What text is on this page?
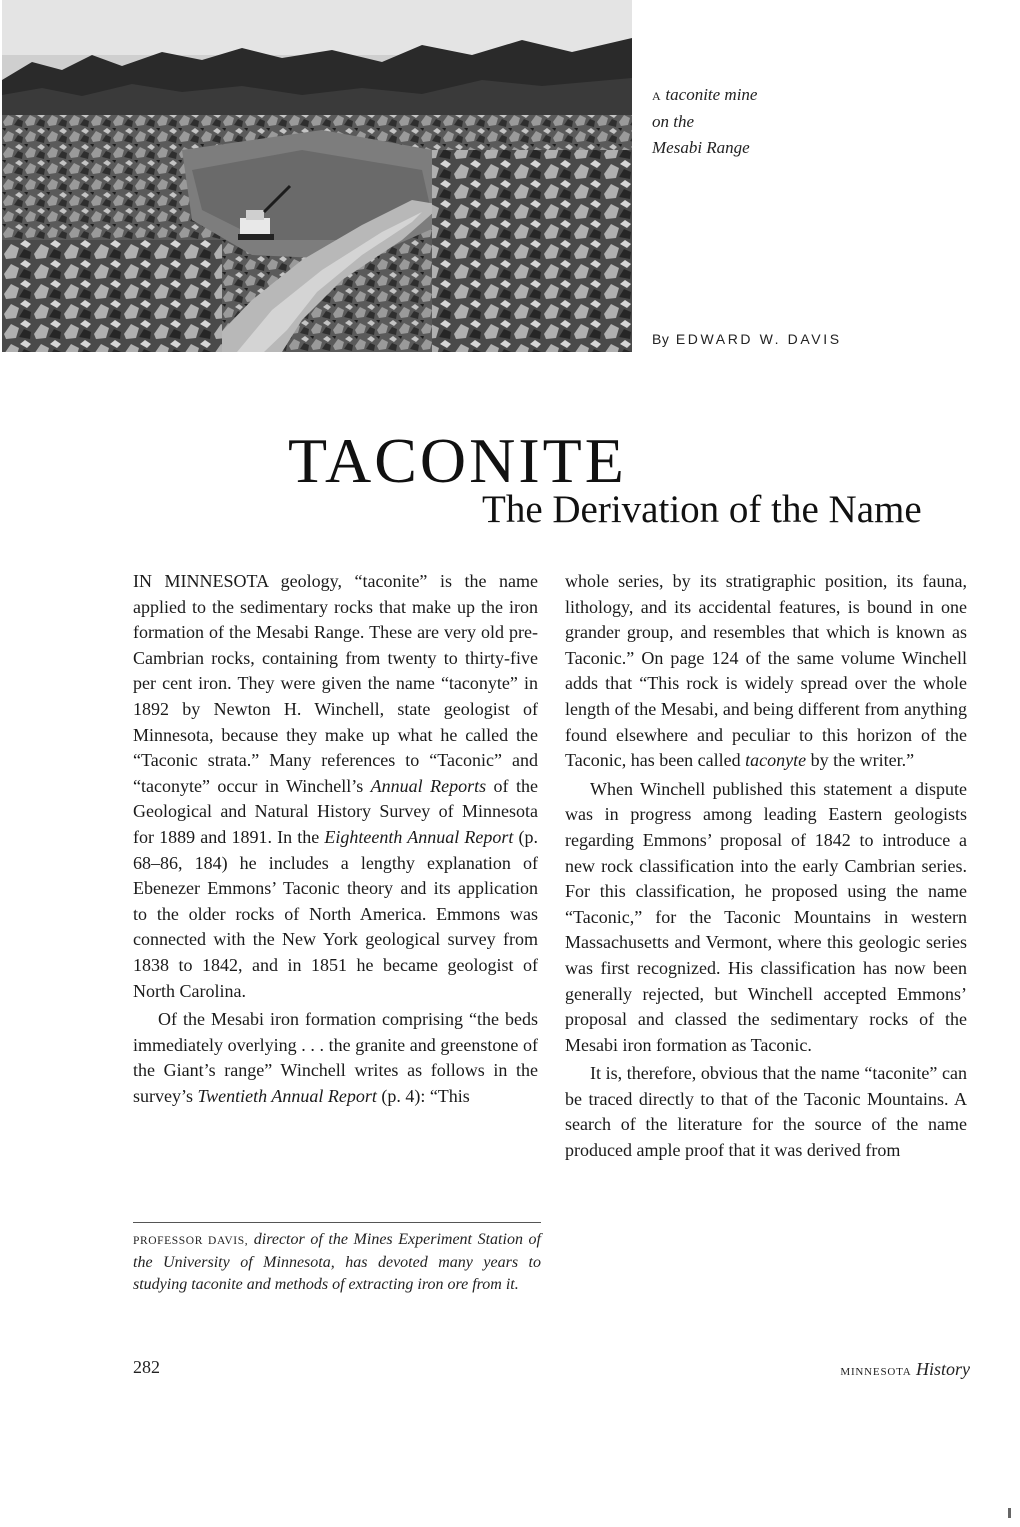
A taconite mine
on the
Mesabi Range
By EDWARD W. DAVIS
TACONITE
The Derivation of the Name

IN MINNESOTA geology, “taconite” is the name applied to the sedimentary rocks that make up the iron formation of the Mesabi Range. These are very old pre-Cambrian rocks, containing from twenty to thirty-five per cent iron. They were given the name “taconyte” in 1892 by Newton H. Winchell, state geologist of Minnesota, because they make up what he called the “Taconic strata.” Many references to “Taconic” and “taconyte” occur in Winchell’s Annual Reports of the Geological and Natural History Survey of Minnesota for 1889 and 1891. In the Eighteenth Annual Report (p. 68–86, 184) he includes a lengthy explanation of Ebenezer Emmons’ Taconic theory and its application to the older rocks of North America. Emmons was connected with the New York geological survey from 1838 to 1842, and in 1851 he became geologist of North Carolina.

Of the Mesabi iron formation comprising “the beds immediately overlying . . . the granite and greenstone of the Giant’s range” Winchell writes as follows in the survey’s Twentieth Annual Report (p. 4): “This

PROFESSOR DAVIS, director of the Mines Experiment Station of the University of Minnesota, has devoted many years to studying taconite and methods of extracting iron ore from it.

whole series, by its stratigraphic position, its fauna, lithology, and its accidental features, is bound in one grander group, and resembles that which is known as Taconic.” On page 124 of the same volume Winchell adds that “This rock is widely spread over the whole length of the Mesabi, and being different from anything found elsewhere and peculiar to this horizon of the Taconic, has been called taconyte by the writer.”

When Winchell published this statement a dispute was in progress among leading Eastern geologists regarding Emmons’ proposal of 1842 to introduce a new rock classification into the early Cambrian series. For this classification, he proposed using the name “Taconic,” for the Taconic Mountains in western Massachusetts and Vermont, where this geologic series was first recognized. His classification has now been generally rejected, but Winchell accepted Emmons’ proposal and classed the sedimentary rocks of the Mesabi iron formation as Taconic.

It is, therefore, obvious that the name “taconite” can be traced directly to that of the Taconic Mountains. A search of the literature for the source of the name produced ample proof that it was derived from

282	MINNESOTA History
